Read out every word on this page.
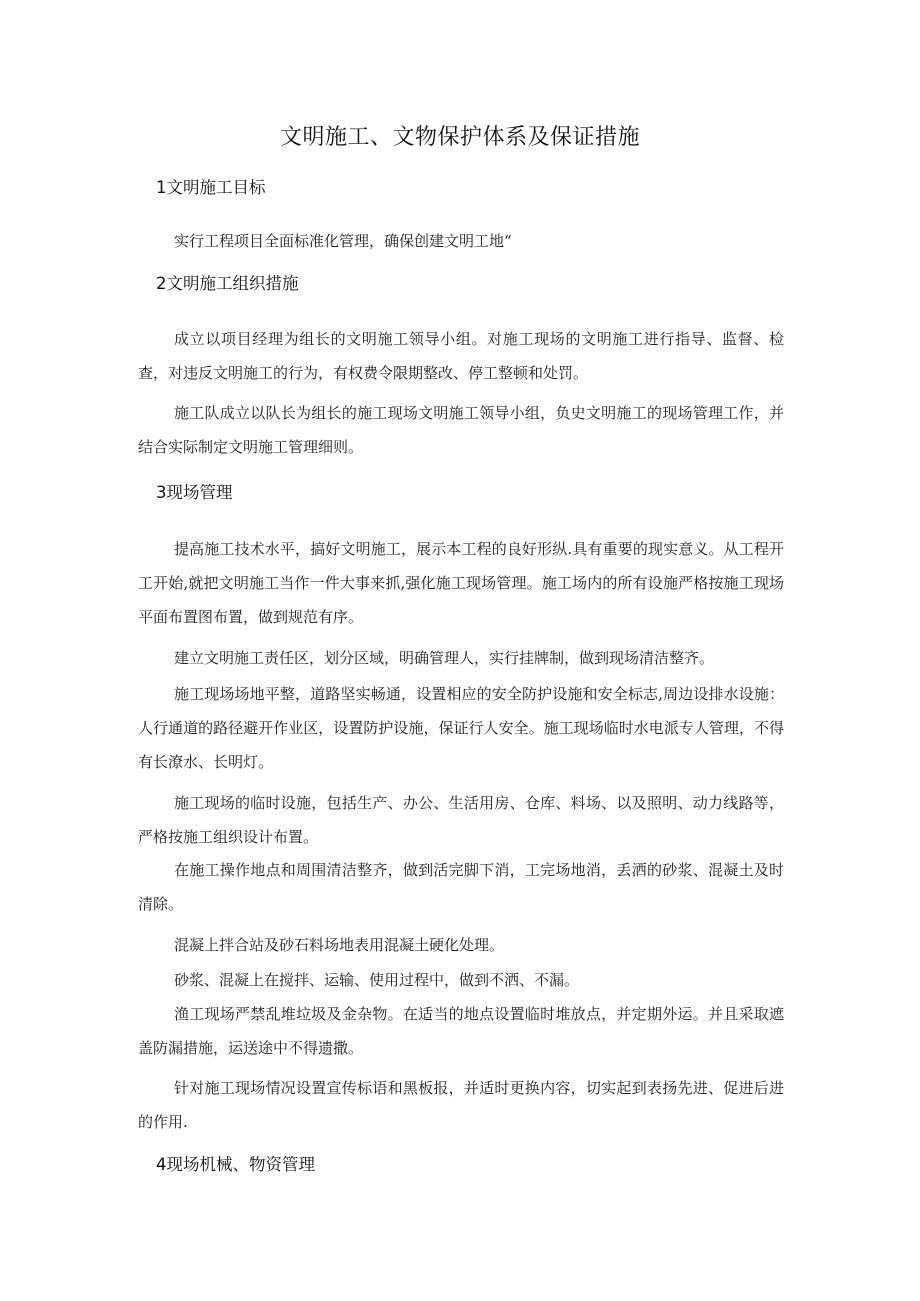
文明施工、文物保护体系及保证措施
1文明施工目标

实行工程项目全面标准化管理，确保创建文明工地“

2文明施工组织措施

成立以项目经理为组长的文明施工领导小组。对施工现场的文明施工进行指导、监督、检查，对违反文明施工的行为，有权费令限期整改、停工整顿和处罚。

施工队成立以队长为组长的施工现场文明施工领导小组，负史文明施工的现场管理工作，并结合实际制定文明施工管理细则。

3现场管理

提高施工技术水平，搞好文明施工，展示本工程的良好形纵.具有重要的现实意义。从工程开工开始,就把文明施工当作一件大事来抓,强化施工现场管理。施工场内的所有设施严格按施工现场平面布置图布置，做到规范有序。

建立文明施工责任区，划分区域，明确管理人，实行挂牌制，做到现场清洁整齐。

施工现场场地平整，道路坚实畅通，设置相应的安全防护设施和安全标志,周边设排水设施：人行通道的路径避开作业区，设置防护设施，保证行人安全。施工现场临时水电派专人管理，不得有长潦水、长明灯。

施工现场的临时设施，包括生产、办公、生活用房、仓库、料场、以及照明、动力线路等，严格按施工组织设计布置。

在施工操作地点和周围清洁整齐，做到活完脚下消，工完场地消，丢洒的砂浆、混凝土及时清除。

混凝上拌合站及砂石料场地表用混凝土硬化处理。

砂浆、混凝上在搅拌、运输、使用过程中，做到不洒、不漏。

渔工现场严禁乱堆垃圾及金杂物。在适当的地点设置临时堆放点，并定期外运。并且采取遮盖防漏措施，运送途中不得遗撒。

针对施工现场情况设置宣传标语和黑板报，并适时更换内容，切实起到表扬先进、促进后进的作用.

4现场机械、物资管理
